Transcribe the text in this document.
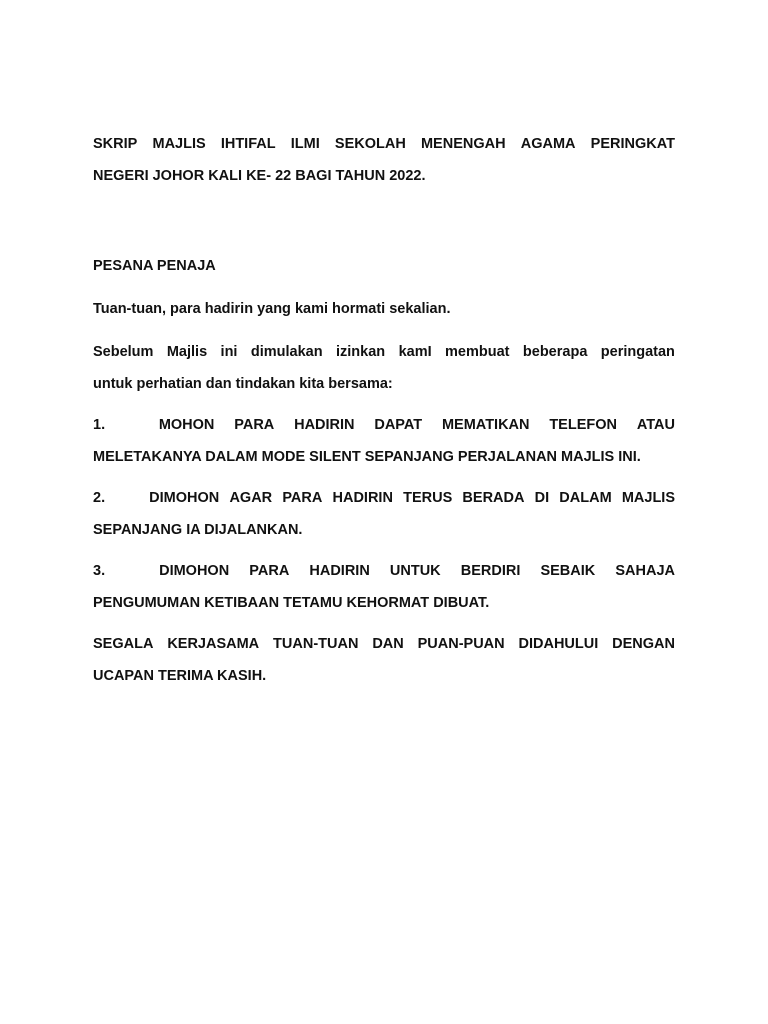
SKRIP MAJLIS IHTIFAL ILMI SEKOLAH MENENGAH AGAMA PERINGKAT
NEGERI JOHOR KALI KE- 22 BAGI TAHUN 2022.
PESANA PENAJA
Tuan-tuan, para hadirin yang kami hormati sekalian.
Sebelum Majlis ini dimulakan izinkan kamI membuat beberapa peringatan
untuk perhatian dan tindakan kita bersama:
1.	MOHON PARA HADIRIN DAPAT MEMATIKAN TELEFON ATAU
MELETAKANYA DALAM MODE SILENT SEPANJANG PERJALANAN MAJLIS INI.
2.	DIMOHON AGAR PARA HADIRIN TERUS BERADA DI DALAM MAJLIS
SEPANJANG IA DIJALANKAN.
3.	DIMOHON PARA HADIRIN UNTUK BERDIRI SEBAIK SAHAJA
PENGUMUMAN KETIBAAN TETAMU KEHORMAT DIBUAT.
SEGALA KERJASAMA TUAN-TUAN DAN PUAN-PUAN DIDAHULUI DENGAN
UCAPAN TERIMA KASIH.
